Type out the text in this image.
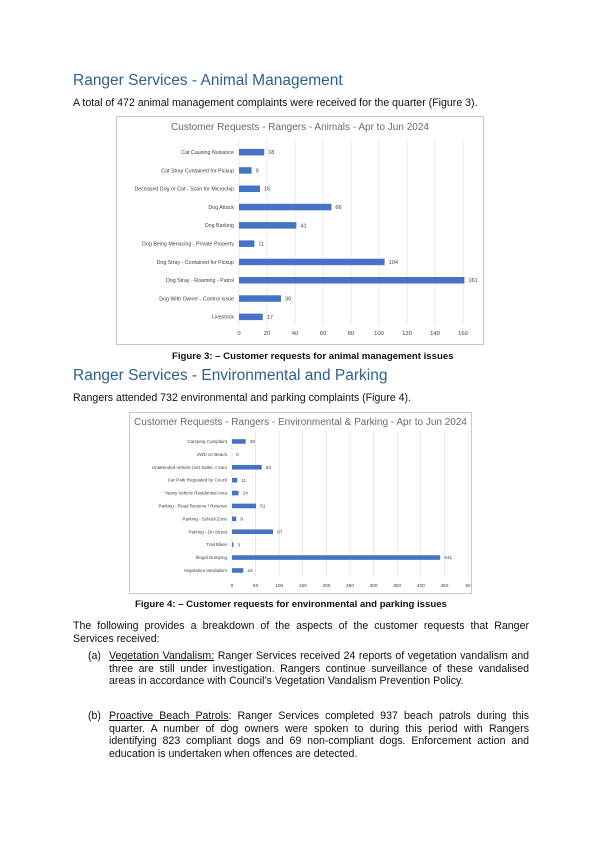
Ranger Services - Animal Management
A total of 472 animal management complaints were received for the quarter (Figure 3).
Customer Requests - Rangers - Animals - Apr to Jun 2024
0	20	40	60	80	100	120	140	160
Cat Causing Nuisance	18
Cat Stray Contained for Pickup	9
Deceased Dog or Cat - Scan for Microchip	15
Dog Attack	66
Dog Barking	41
Dog Being Menacing - Private Property	11
Dog Stray - Contained for Pickup	104
Dog Stray - Roaming - Patrol	161
Dog With Owner - Control Issue	30
Livestock	17
Figure 3: – Customer requests for animal management issues
Ranger Services - Environmental and Parking
Rangers attended 732 environmental and parking complaints (Figure 4).
Customer Requests - Rangers - Environmental & Parking - Apr to Jun 2024
0	50	100	150	200	250	300	350	400	450	50
Camping Complaint	29
4WD on Beach 0
Unattended Vehicle (incl trailer, c'van)	63
Car Park Regulated by Coucil	11
Heavy Vehicle Residential Area	14
Parking - Road Reserve / Reserve	51
Parking - School Zone	9
Parking - On Street	87
Trail Bikes 3
Illegal Dumping	441
Vegetation Vandalism	24
Figure 4: – Customer requests for environmental and parking issues
The following provides a breakdown of the aspects of the customer requests that Ranger Services received:
(a) Vegetation Vandalism: Ranger Services received 24 reports of vegetation vandalism and three are still under investigation. Rangers continue surveillance of these vandalised areas in accordance with Council’s Vegetation Vandalism Prevention Policy.
(b) Proactive Beach Patrols: Ranger Services completed 937 beach patrols during this quarter. A number of dog owners were spoken to during this period with Rangers identifying 823 compliant dogs and 69 non-compliant dogs. Enforcement action and education is undertaken when offences are detected.
